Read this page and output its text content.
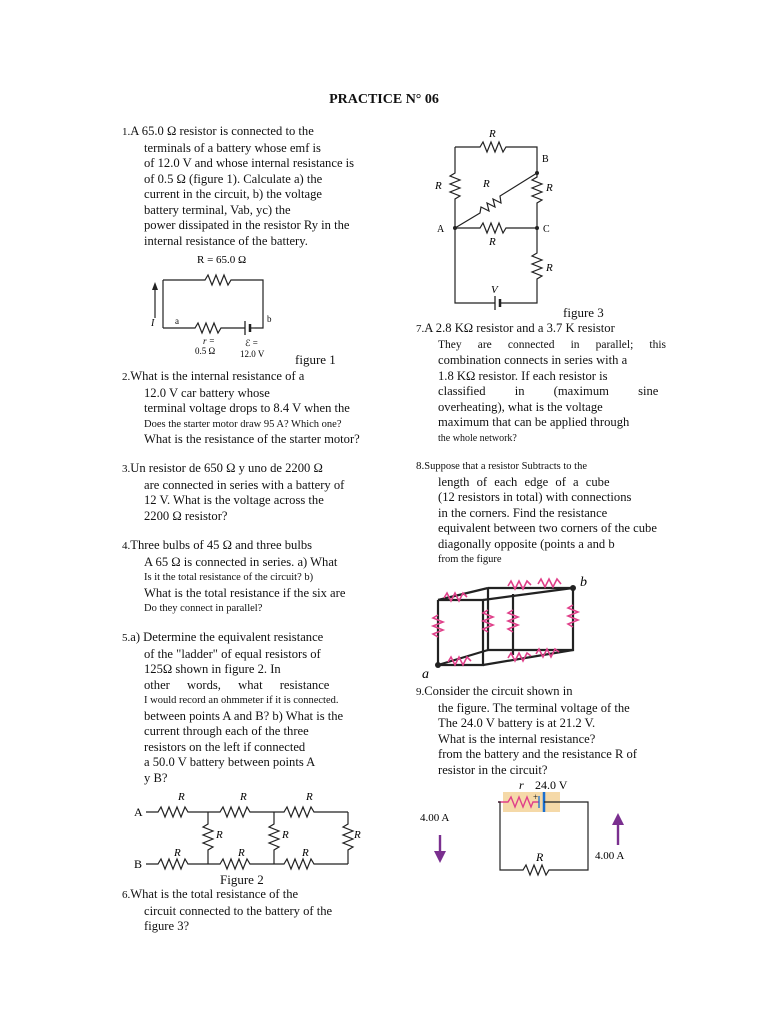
PRACTICE N° 06
1.A 65.0 Ω resistor is connected to the
terminals of a battery whose emf is
of 12.0 V and whose internal resistance is
of 0.5 Ω (figure 1). Calculate a) the
current in the circuit, b) the voltage
battery terminal, Vab, yc) the
power dissipated in the resistor Ry in the
internal resistance of the battery.
R = 65.0 Ω
I a	b
r =
0.5 Ω
ℰ =
12.0 V figure 1
2.What is the internal resistance of a
12.0 V car battery whose
terminal voltage drops to 8.4 V when the
Does the starter motor draw 95 A? Which one?
What is the resistance of the starter motor?
3.Un resistor de 650 Ω y uno de 2200 Ω
are connected in series with a battery of
12 V. What is the voltage across the
2200 Ω resistor?
4.Three bulbs of 45 Ω and three bulbs
A 65 Ω is connected in series. a) What
Is it the total resistance of the circuit? b)
What is the total resistance if the six are
Do they connect in parallel?
5.a) Determine the equivalent resistance
of the "ladder" of equal resistors of
125Ω shown in figure 2. In
other words, what resistance
I would record an ohmmeter if it is connected.
between points A and B? b) What is the
current through each of the three
resistors on the left if connected
a 50.0 V battery between points A
y B?
A
B
R	R	R
R	R	R
R	R	R
Figure 2
6.What is the total resistance of the
circuit connected to the battery of the
figure 3?
R
R	R	R
R
R
B
A	C
V
figure 3
7.A 2.8 KΩ resistor and a 3.7 K resistor
They are connected in parallel; this
combination connects in series with a
1.8 KΩ resistor. If each resistor is
classified in (maximum sine
overheating), what is the voltage
maximum that can be applied through
the whole network?
8.Suppose that a resistor Subtracts to the
length of each edge of a cube
(12 resistors in total) with connections
in the corners. Find the resistance
equivalent between two corners of the cube
diagonally opposite (points a and b
from the figure
b
a
9.Consider the circuit shown in
the figure. The terminal voltage of the
The 24.0 V battery is at 21.2 V.
What is the internal resistance?
from the battery and the resistance R of
resistor in the circuit?
r 24.0 V
+
R
4.00 A
4.00 A
